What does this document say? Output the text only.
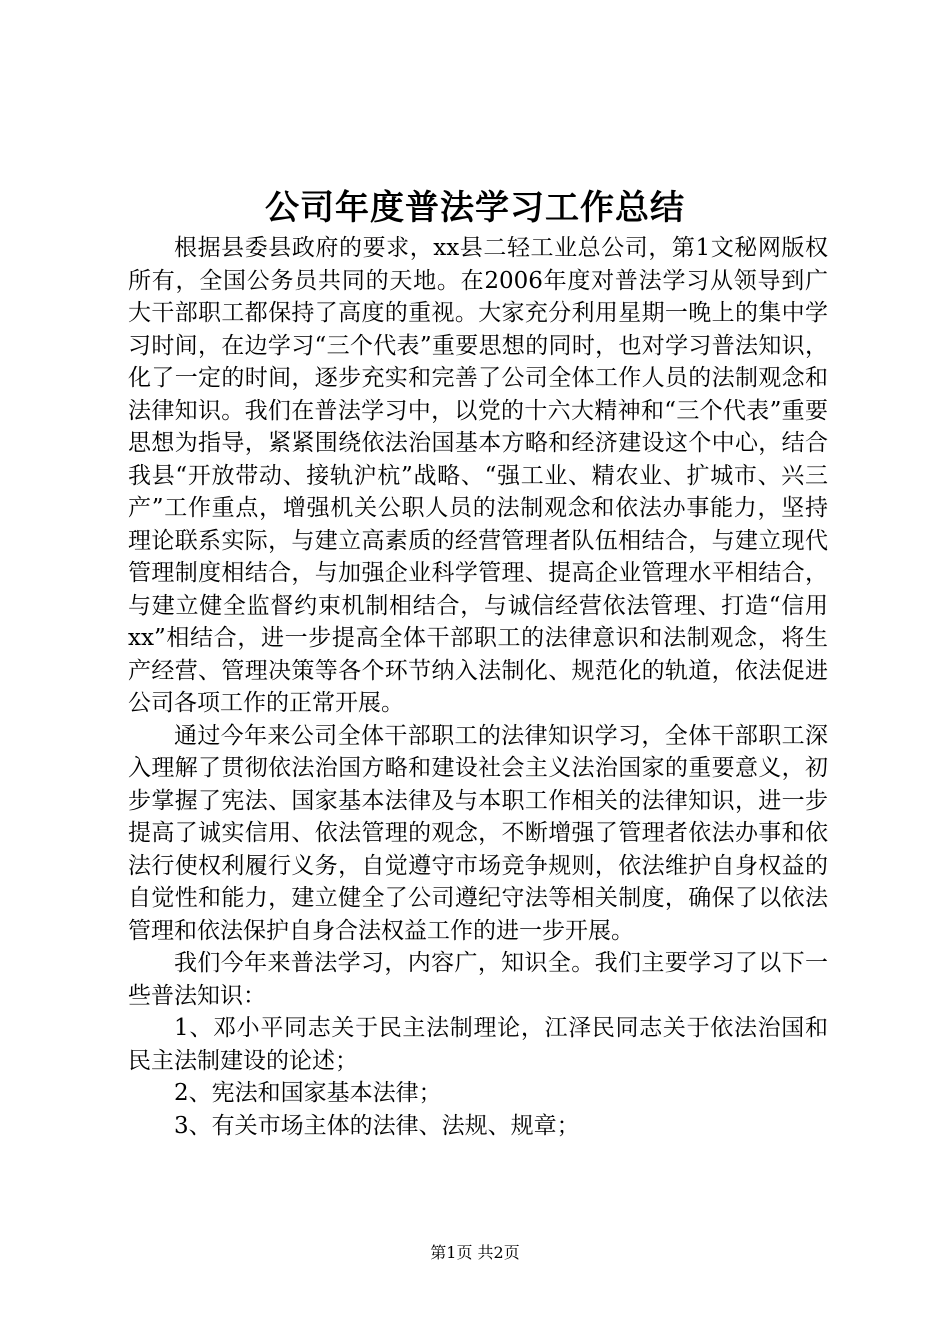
公司年度普法学习工作总结

根据县委县政府的要求，xx县二轻工业总公司，第1文秘网版权所有，全国公务员共同的天地。在2006年度对普法学习从领导到广大干部职工都保持了高度的重视。大家充分利用星期一晚上的集中学习时间，在边学习“三个代表”重要思想的同时，也对学习普法知识，化了一定的时间，逐步充实和完善了公司全体工作人员的法制观念和法律知识。我们在普法学习中，以党的十六大精神和“三个代表”重要思想为指导，紧紧围绕依法治国基本方略和经济建设这个中心，结合我县“开放带动、接轨沪杭”战略、“强工业、精农业、扩城市、兴三产”工作重点，增强机关公职人员的法制观念和依法办事能力，坚持理论联系实际，与建立高素质的经营管理者队伍相结合，与建立现代管理制度相结合，与加强企业科学管理、提高企业管理水平相结合，与建立健全监督约束机制相结合，与诚信经营依法管理、打造“信用xx”相结合，进一步提高全体干部职工的法律意识和法制观念，将生产经营、管理决策等各个环节纳入法制化、规范化的轨道，依法促进公司各项工作的正常开展。

通过今年来公司全体干部职工的法律知识学习，全体干部职工深入理解了贯彻依法治国方略和建设社会主义法治国家的重要意义，初步掌握了宪法、国家基本法律及与本职工作相关的法律知识，进一步提高了诚实信用、依法管理的观念，不断增强了管理者依法办事和依法行使权利履行义务，自觉遵守市场竞争规则，依法维护自身权益的自觉性和能力，建立健全了公司遵纪守法等相关制度，确保了以依法管理和依法保护自身合法权益工作的进一步开展。

我们今年来普法学习，内容广，知识全。我们主要学习了以下一些普法知识：

1、邓小平同志关于民主法制理论，江泽民同志关于依法治国和民主法制建设的论述；

2、宪法和国家基本法律；

3、有关市场主体的法律、法规、规章；

第1页 共2页
